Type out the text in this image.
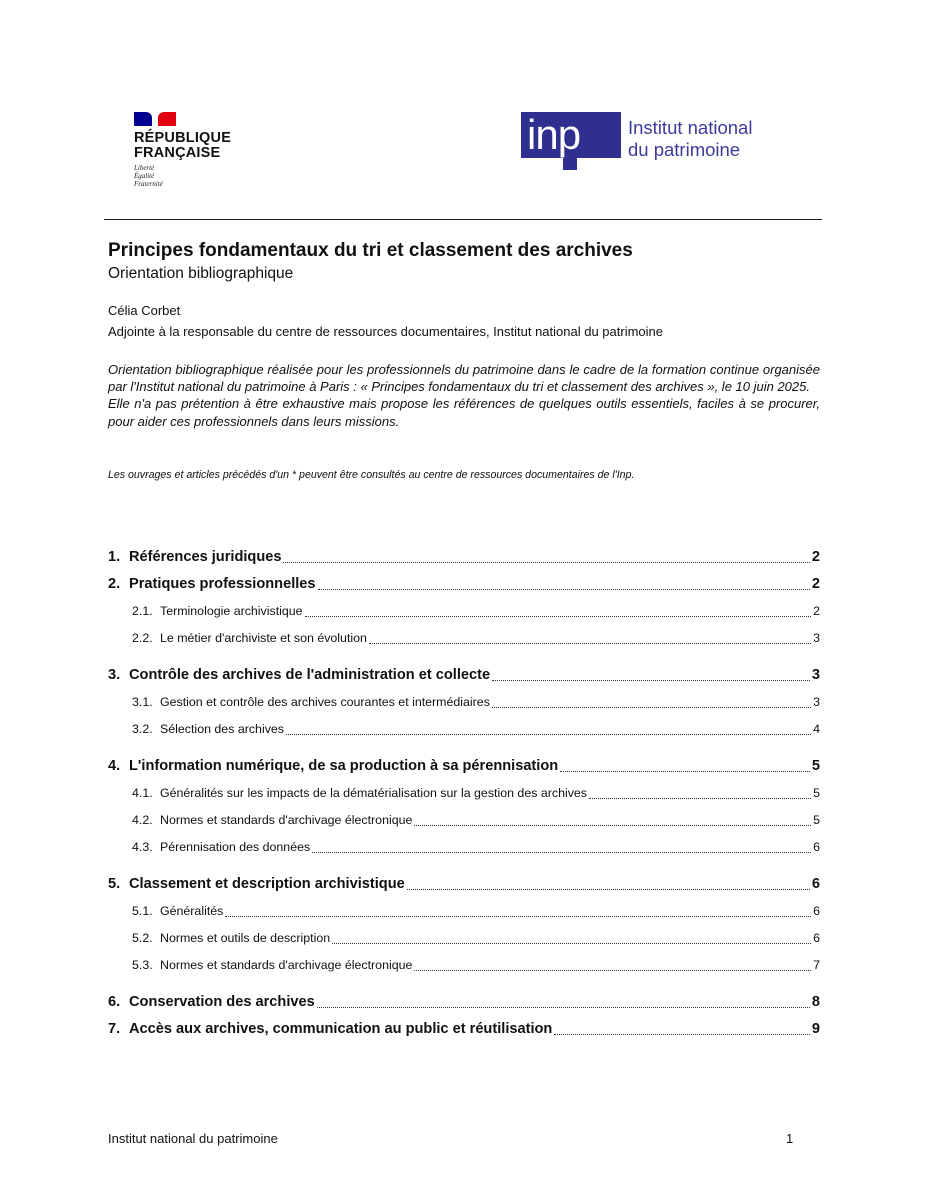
RÉPUBLIQUE
FRANÇAISE
Liberté
Égalité
Fraternité
inp	Institut national
du patrimoine
Principes fondamentaux du tri et classement des archives
Orientation bibliographique
Célia Corbet
Adjointe à la responsable du centre de ressources documentaires, Institut national du patrimoine

Orientation bibliographique réalisée pour les professionnels du patrimoine dans le cadre de la formation continue organisée par l'Institut national du patrimoine à Paris : « Principes fondamentaux du tri et classement des archives », le 10 juin 2025.

Elle n'a pas prétention à être exhaustive mais propose les références de quelques outils essentiels, faciles à se procurer, pour aider ces professionnels dans leurs missions.

Les ouvrages et articles précédés d'un * peuvent être consultés au centre de ressources documentaires de l'Inp.
1. Références juridiques	2
2. Pratiques professionnelles	2
2.1. Terminologie archivistique	2
2.2. Le métier d'archiviste et son évolution	3
3. Contrôle des archives de l'administration et collecte	3
3.1. Gestion et contrôle des archives courantes et intermédiaires	3
3.2. Sélection des archives	4
4. L'information numérique, de sa production à sa pérennisation	5
4.1. Généralités sur les impacts de la dématérialisation sur la gestion des archives	5
4.2. Normes et standards d'archivage électronique	5
4.3. Pérennisation des données	6
5. Classement et description archivistique	6
5.1. Généralités	6
5.2. Normes et outils de description	6
5.3. Normes et standards d'archivage électronique	7
6. Conservation des archives	8
7. Accès aux archives, communication au public et réutilisation	9
Institut national du patrimoine	1
